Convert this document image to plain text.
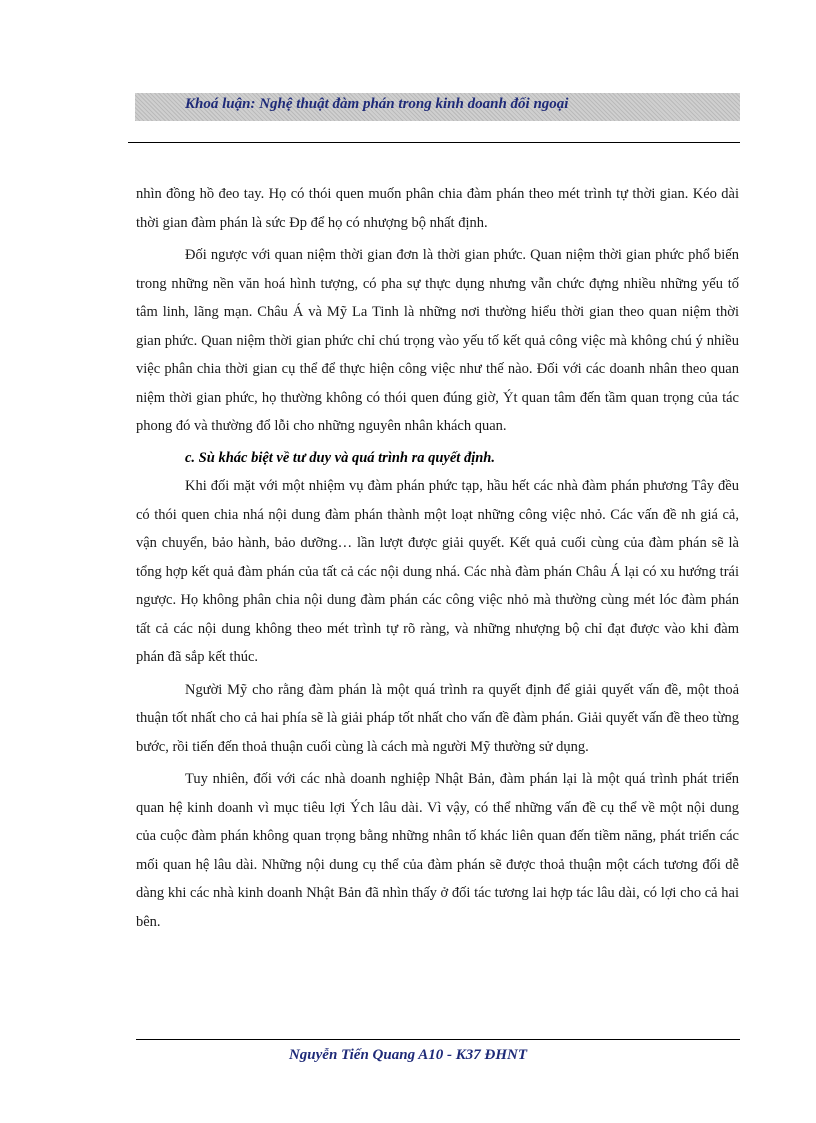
Khoá luận: Nghệ thuật đàm phán trong kinh doanh đối ngoại

nhìn đồng hồ đeo tay. Họ có thói quen muốn phân chia đàm phán theo mét trình tự thời gian. Kéo dài thời gian đàm phán là sức Đp để họ có nhượng bộ nhất định.

Đối ngược với quan niệm thời gian đơn là thời gian phức. Quan niệm thời gian phức phổ biến trong những nền văn hoá hình tượng, có pha sự thực dụng nhưng vẫn chức đựng nhiều những yếu tố tâm linh, lãng mạn. Châu Á và Mỹ La Tinh là những nơi thường hiểu thời gian theo quan niệm thời gian phức. Quan niệm thời gian phức chỉ chú trọng vào yếu tố kết quả công việc mà không chú ý nhiều việc phân chia thời gian cụ thể để thực hiện công việc như thế nào. Đối với các doanh nhân theo quan niệm thời gian phức, họ thường không có thói quen đúng giờ, Ýt quan tâm đến tầm quan trọng của tác phong đó và thường đổ lỗi cho những nguyên nhân khách quan.

c. Sù khác biệt về tư duy và quá trình ra quyết định.

Khi đối mặt với một nhiệm vụ đàm phán phức tạp, hầu hết các nhà đàm phán phương Tây đều có thói quen chia nhá nội dung đàm phán thành một loạt những công việc nhỏ. Các vấn đề nh giá cả, vận chuyển, bảo hành, bảo dưỡng… lần lượt được giải quyết. Kết quả cuối cùng của đàm phán sẽ là tổng hợp kết quả đàm phán của tất cả các nội dung nhá. Các nhà đàm phán Châu Á lại có xu hướng trái ngược. Họ không phân chia nội dung đàm phán các công việc nhỏ mà thường cùng mét lóc đàm phán tất cả các nội dung không theo mét trình tự rõ ràng, và những nhượng bộ chỉ đạt được vào khi đàm phán đã sắp kết thúc.

Người Mỹ cho rằng đàm phán là một quá trình ra quyết định để giải quyết vấn đề, một thoả thuận tốt nhất cho cả hai phía sẽ là giải pháp tốt nhất cho vấn đề đàm phán. Giải quyết vấn đề theo từng bước, rồi tiến đến thoả thuận cuối cùng là cách mà người Mỹ thường sử dụng.

Tuy nhiên, đối với các nhà doanh nghiệp Nhật Bản, đàm phán lại là một quá trình phát triển quan hệ kinh doanh vì mục tiêu lợi Ých lâu dài. Vì vậy, có thể những vấn đề cụ thể về một nội dung của cuộc đàm phán không quan trọng bằng những nhân tố khác liên quan đến tiềm năng, phát triển các mối quan hệ lâu dài. Những nội dung cụ thể của đàm phán sẽ được thoả thuận một cách tương đối dễ dàng khi các nhà kinh doanh Nhật Bản đã nhìn thấy ở đối tác tương lai hợp tác lâu dài, có lợi cho cả hai bên.

Nguyễn Tiến Quang A10 - K37 ĐHNT
